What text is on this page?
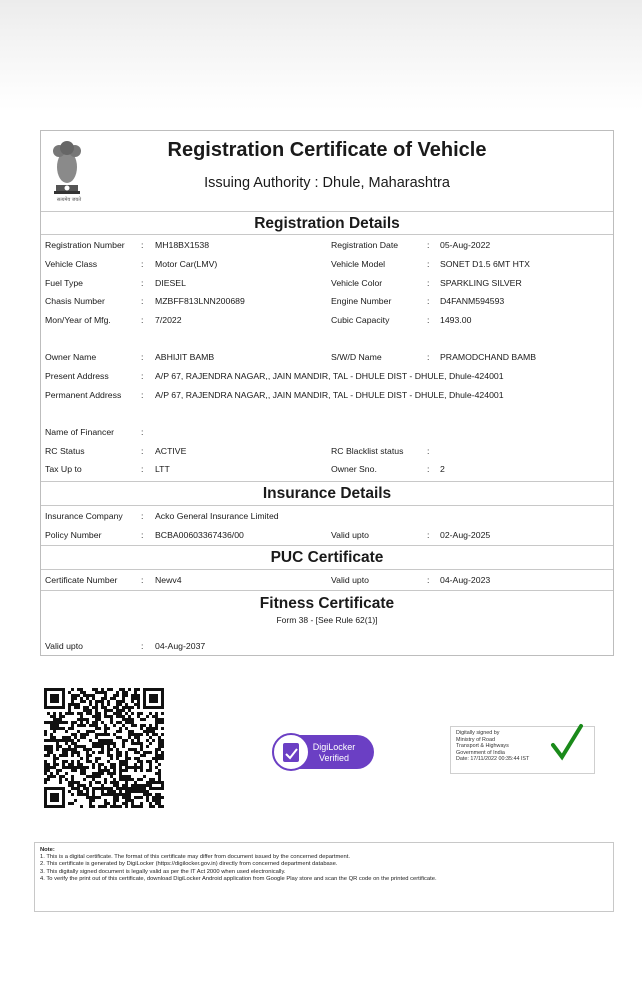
सत्यमेव जयते
Registration Certificate of Vehicle
Issuing Authority : Dhule, Maharashtra
Registration Details
Registration Number : MH18BX1538	Registration Date	: 05-Aug-2022
Vehicle Class	: Motor Car(LMV)	Vehicle Model	: SONET D1.5 6MT HTX
Fuel Type	: DIESEL	Vehicle Color	: SPARKLING SILVER
Chasis Number	: MZBFF813LNN200689	Engine Number	: D4FANM594593
Mon/Year of Mfg.	: 7/2022	Cubic Capacity	: 1493.00
Owner Name	: ABHIJIT BAMB	S/W/D Name	: PRAMODCHAND BAMB
Present Address	: A/P 67, RAJENDRA NAGAR,, JAIN MANDIR, TAL - DHULE DIST - DHULE, Dhule-424001
Permanent Address : A/P 67, RAJENDRA NAGAR,, JAIN MANDIR, TAL - DHULE DIST - DHULE, Dhule-424001
Name of Financer	:
RC Status	: ACTIVE	RC Blacklist status	:
Tax Up to	: LTT	Owner Sno.	: 2
Insurance Details
Insurance Company : Acko General Insurance Limited
Policy Number	: BCBA00603367436/00	Valid upto	: 02-Aug-2025
PUC Certificate
Certificate Number	: Newv4	Valid upto	: 04-Aug-2023
Fitness Certificate
Form 38 - [See Rule 62(1)]
Valid upto	: 04-Aug-2037
DigiLocker
Verified
Digitally signed by
Ministry of Road
Transport & Highways
Government of India
Date: 17/11/2022 00:35:44 IST
Note:
1. This is a digital certificate. The format of this certificate may differ from document issued by the concerned department.
2. This certificate is generated by DigiLocker (https://digilocker.gov.in) directly from concerned department database.
3. This digitally signed document is legally valid as per the IT Act 2000 when used electronically.
4. To verify the print out of this certificate, download DigiLocker Android application from Google Play store and scan the QR code on the printed certificate.
